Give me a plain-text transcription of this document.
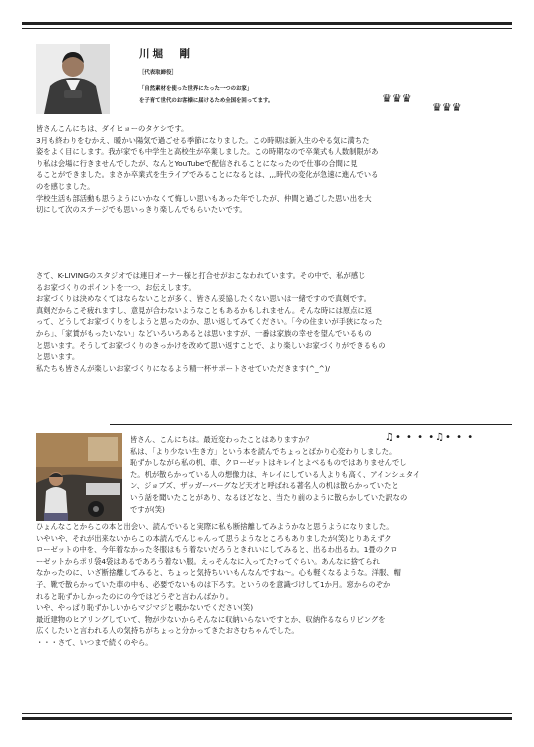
川堀　剛
［代表取締役］
「自然素材を使った世界にたった一つのお家」
を子育て世代のお客様に届けるため全国を回ってます。	♛♛♛
♛♛♛
皆さんこんにちは、ダイヒョーのタケシです。
3月も終わりをむかえ、暖かい陽気で過ごせる季節になりました。この時期は新入生のやる気に満ちた
姿をよく目にします。我が家でも中学生と高校生が卒業しました。この時期なので卒業式も人数制限があ
り私は会場に行きませんでしたが、なんとYouTubeで配信されることになったので仕事の合間に見
ることができました。まさか卒業式を生ライブでみることになるとは、,,,時代の変化が急速に進んでいる
のを感じました。
学校生活も部活動も思うようにいかなくて悔しい思いもあった年でしたが、仲間と過ごした思い出を大
切にして次のステージでも思いっきり楽しんでもらいたいです。
さて、K-LIVINGのスタジオでは連日オーナー様と打合せがおこなわれています。その中で、私が感じ
るお家づくりのポイントを一つ、お伝えします。
お家づくりは決めなくてはならないことが多く、皆さん妥協したくない思いは一緒ですので真剣です。
真剣だからこそ疲れますし、意見が合わないようなこともあるかもしれません。そんな時には原点に返
って、どうしてお家づくりをしようと思ったのか、思い返してみてください。「今の住まいが手狭になった
から」、「家賃がもったいない」などいろいろあるとは思いますが、一番は家族の幸せを望んでいるもの
と思います。そうしてお家づくりのきっかけを改めて思い返すことで、より楽しいお家づくりができるもの
と思います。
私たちも皆さんが楽しいお家づくりになるよう精一杯サポートさせていただきます(^_^)/
♫• • • •♫• • •
皆さん、こんにちは。最近変わったことはありますか？
私は、「より少ない生き方」という本を読んでちょっとばかり心変わりしました。
恥ずかしながら私の机、車、クローゼットはキレイとよべるものではありませんでし
た。机が散らかっている人の想像力は、キレイにしている人よりも高く、アインシュタイ
ン、ジョブズ、ザッガーバーグなど天才と呼ばれる著名人の机は散らかっていたと
いう話を聞いたことがあり、なるほどなと、当たり前のように散らかしていた訳なの
ですが(笑)
ひょんなことからこの本と出会い、読んでいると実際に私も断捨離してみようかなと思うようになりました。
いやいや、それが出来ないからこの本読んでんじゃんって思うようなところもありましたが(笑)とりあえずク
ローゼットの中を、今年着なかった冬服はもう着ないだろうときれいにしてみると、出るわ出るわ。1畳のクロ
ーゼットからポリ袋4袋はあるであろう着ない服。えっそんなに入ってた?ってぐらい。あんなに捨てられ
なかったのに、いざ断捨離してみると、ちょっと気持ちいいもんなんですね～。心も軽くなるような。洋服、帽
子、靴で散らかっていた車の中も、必要でないものは下ろす。というのを意識づけして1か月。窓からのぞか
れると恥ずかしかったのにの今ではどうぞと言わんばかり。
いや、やっぱり恥ずかしいからマジマジと覗かないでください(笑)
最近建物のヒアリングしていて、物が少ないからそんなに収納いらないですとか、収納作るならリビングを
広くしたいと言われる人の気持ちがちょっと分かってきたおさむちゃんでした。
・・・さて、いつまで続くのやら。
